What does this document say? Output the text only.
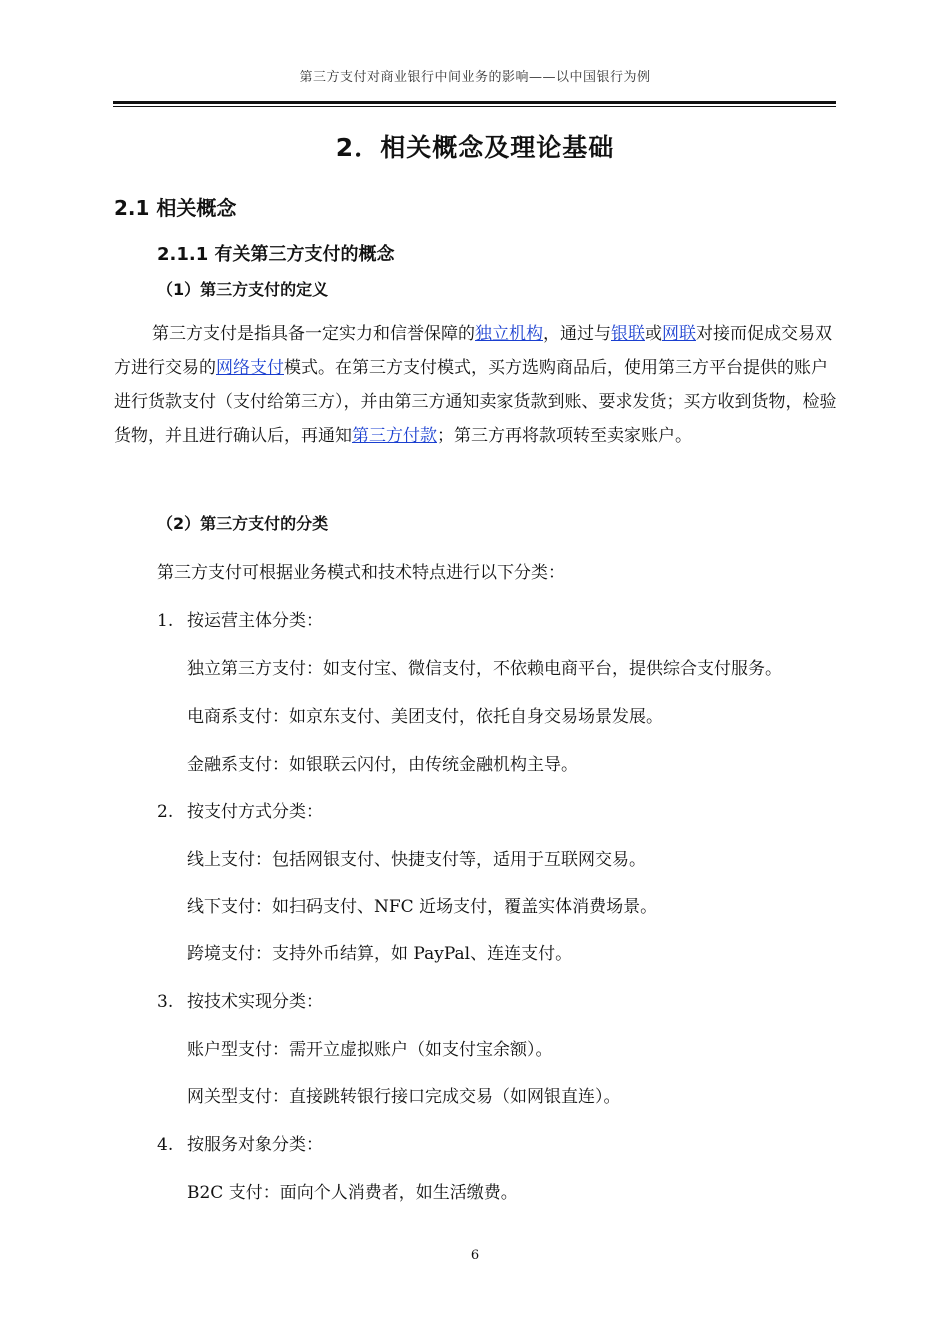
第三方支付对商业银行中间业务的影响——以中国银行为例
2．相关概念及理论基础
2.1 相关概念
2.1.1 有关第三方支付的概念
（1）第三方支付的定义
第三方支付是指具备一定实力和信誉保障的独立机构，通过与银联或网联对接而促成交易双方进行交易的网络支付模式。在第三方支付模式，买方选购商品后，使用第三方平台提供的账户进行货款支付（支付给第三方），并由第三方通知卖家货款到账、要求发货；买方收到货物，检验货物，并且进行确认后，再通知第三方付款；第三方再将款项转至卖家账户。
（2）第三方支付的分类
第三方支付可根据业务模式和技术特点进行以下分类：
1. 按运营主体分类：
独立第三方支付：如支付宝、微信支付，不依赖电商平台，提供综合支付服务。
电商系支付：如京东支付、美团支付，依托自身交易场景发展。
金融系支付：如银联云闪付，由传统金融机构主导。
2. 按支付方式分类：
线上支付：包括网银支付、快捷支付等，适用于互联网交易。
线下支付：如扫码支付、NFC 近场支付，覆盖实体消费场景。
跨境支付：支持外币结算，如 PayPal、连连支付。
3. 按技术实现分类：
账户型支付：需开立虚拟账户（如支付宝余额）。
网关型支付：直接跳转银行接口完成交易（如网银直连）。
4. 按服务对象分类：
B2C 支付：面向个人消费者，如生活缴费。
6
